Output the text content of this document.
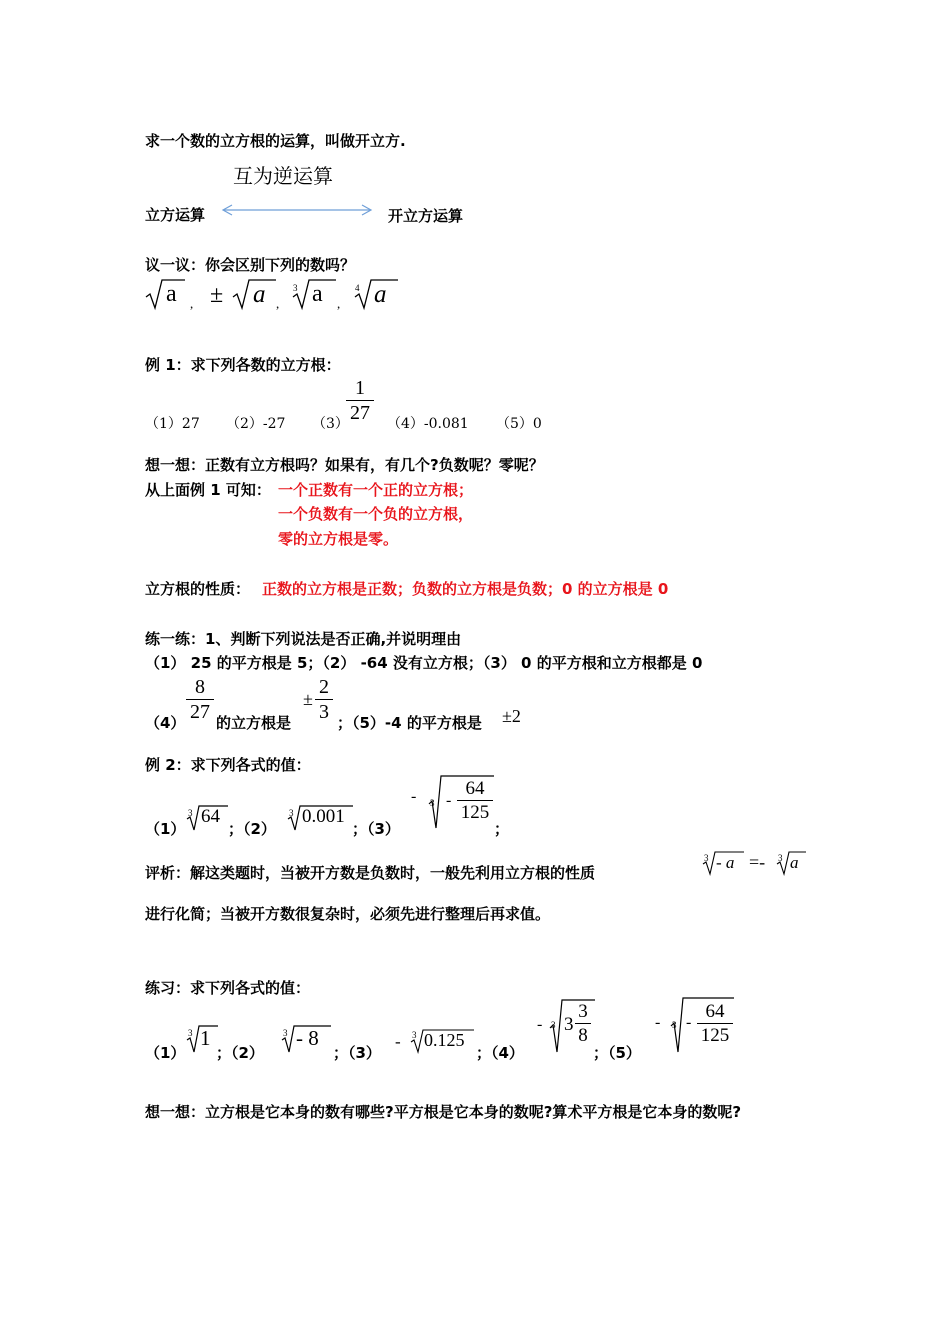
求一个数的立方根的运算，叫做开立方.
互为逆运算
立方运算	开立方运算
议一议：你会区别下列的数吗？
a , ± a ,
3 a ,
4 a
例 1：求下列各数的立方根：
（1）27 （2）-27 （3）
1
27 （4）-0.081 （5）0
想一想：正数有立方根吗？如果有，有几个?负数呢？零呢？
从上面例 1 可知： 一个正数有一个正的立方根；
一个负数有一个负的立方根，
零的立方根是零。
立方根的性质： 正数的立方根是正数；负数的立方根是负数；0 的立方根是 0
练一练：1、判断下列说法是否正确,并说明理由
（1） 25 的平方根是 5；（2） -64 没有立方根；（3） 0 的平方根和立方根都是 0
（4）
8
27 的立方根是
±
2
3 ；（5）-4 的平方根是 ±2
例 2：求下列各式的值：
（1）
3 64
；（2）
3 0.001
；（3）
- 3 -
64
125
；
评析：解这类题时，当被开方数是负数时，一般先利用立方根的性质
3 - a =- 3 a
进行化简；当被开方数很复杂时，必须先进行整理后再求值。
练习：求下列各式的值：
（1）
3 1
；（2）
3 - 8
；（3）
- 3 0.125
；（4）
- 3 3
3
8
；（5）
- 3 -
64
125
想一想：立方根是它本身的数有哪些?平方根是它本身的数呢?算术平方根是它本身的数呢?
